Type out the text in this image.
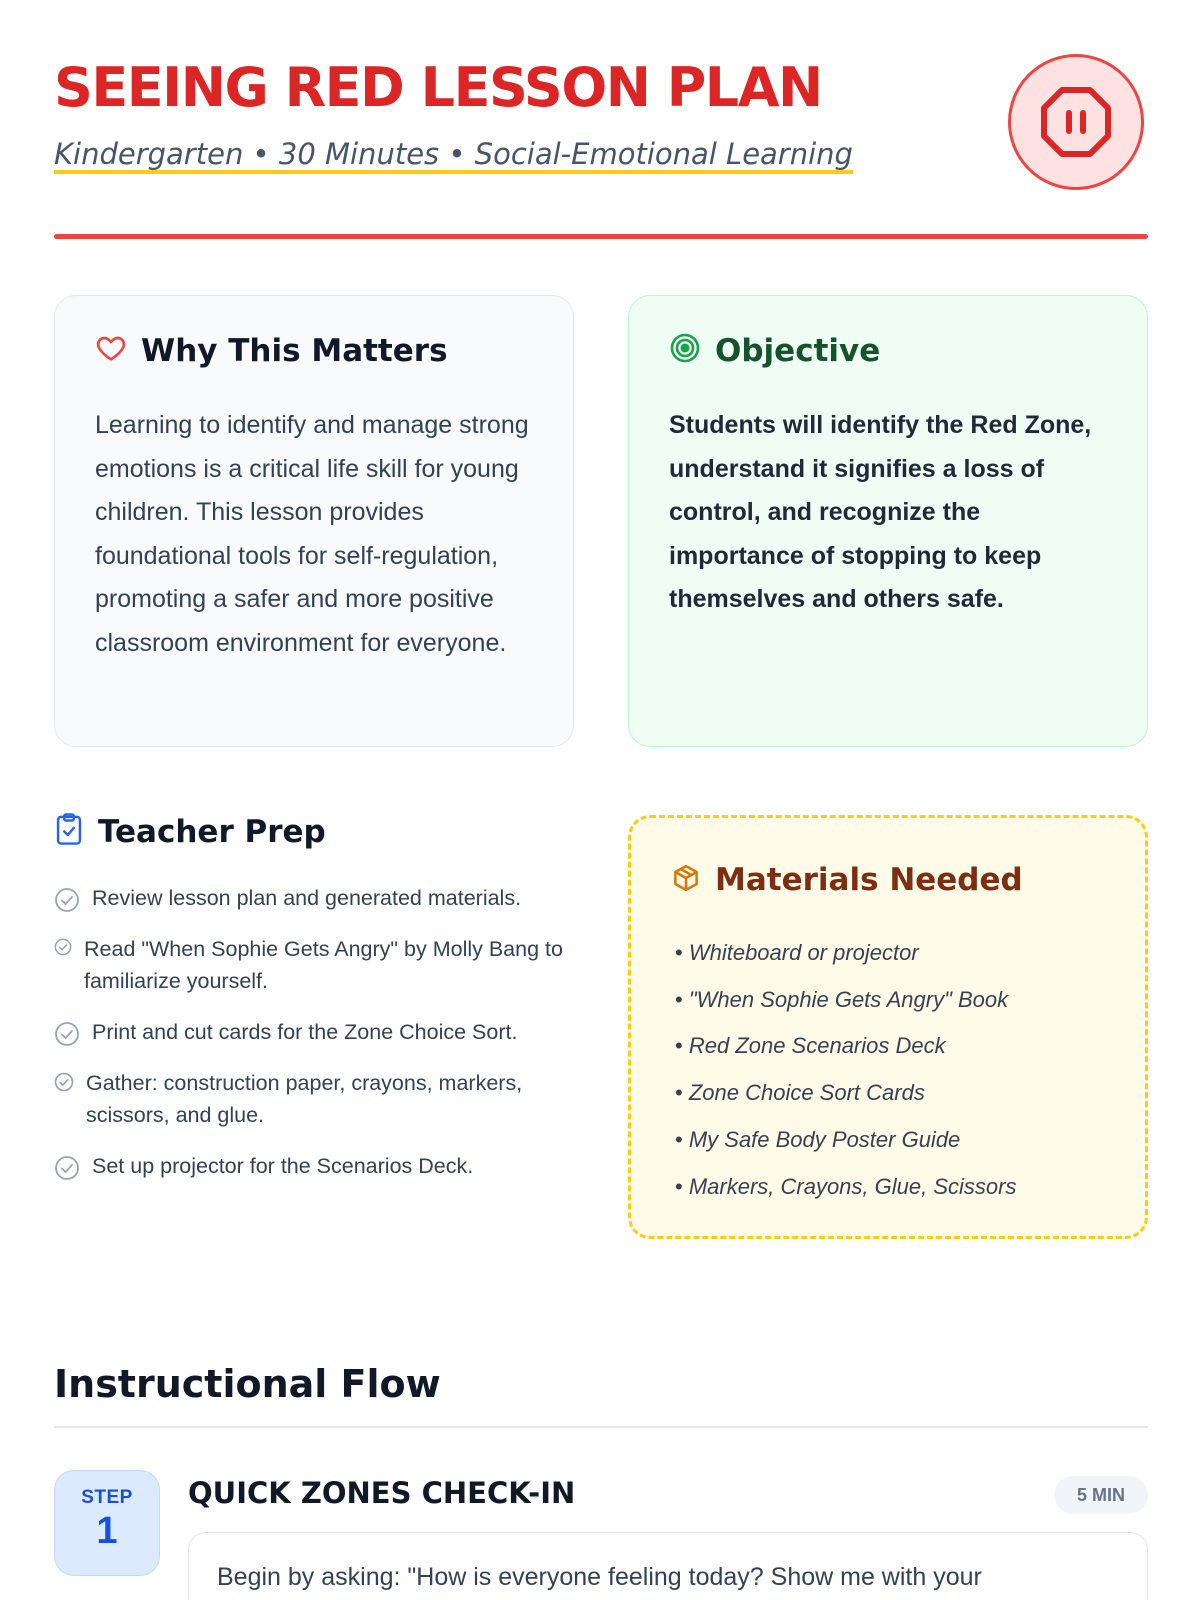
SEEING RED LESSON PLAN
Kindergarten • 30 Minutes • Social-Emotional Learning
Why This Matters

Learning to identify and manage strong emotions is a critical life skill for young children. This lesson provides foundational tools for self-regulation, promoting a safer and more positive classroom environment for everyone.

Objective

Students will identify the Red Zone, understand it signifies a loss of control, and recognize the importance of stopping to keep themselves and others safe.

Teacher Prep
Review lesson plan and generated materials.
Read "When Sophie Gets Angry" by Molly Bang to familiarize yourself.
Print and cut cards for the Zone Choice Sort.
Gather: construction paper, crayons, markers, scissors, and glue.
Set up projector for the Scenarios Deck.
Materials Needed
• Whiteboard or projector
• "When Sophie Gets Angry" Book
• Red Zone Scenarios Deck
• Zone Choice Sort Cards
• My Safe Body Poster Guide
• Markers, Crayons, Glue, Scissors
Instructional Flow
STEP
1
QUICK ZONES CHECK-IN	5 MIN

Begin by asking: "How is everyone feeling today? Show me with your
